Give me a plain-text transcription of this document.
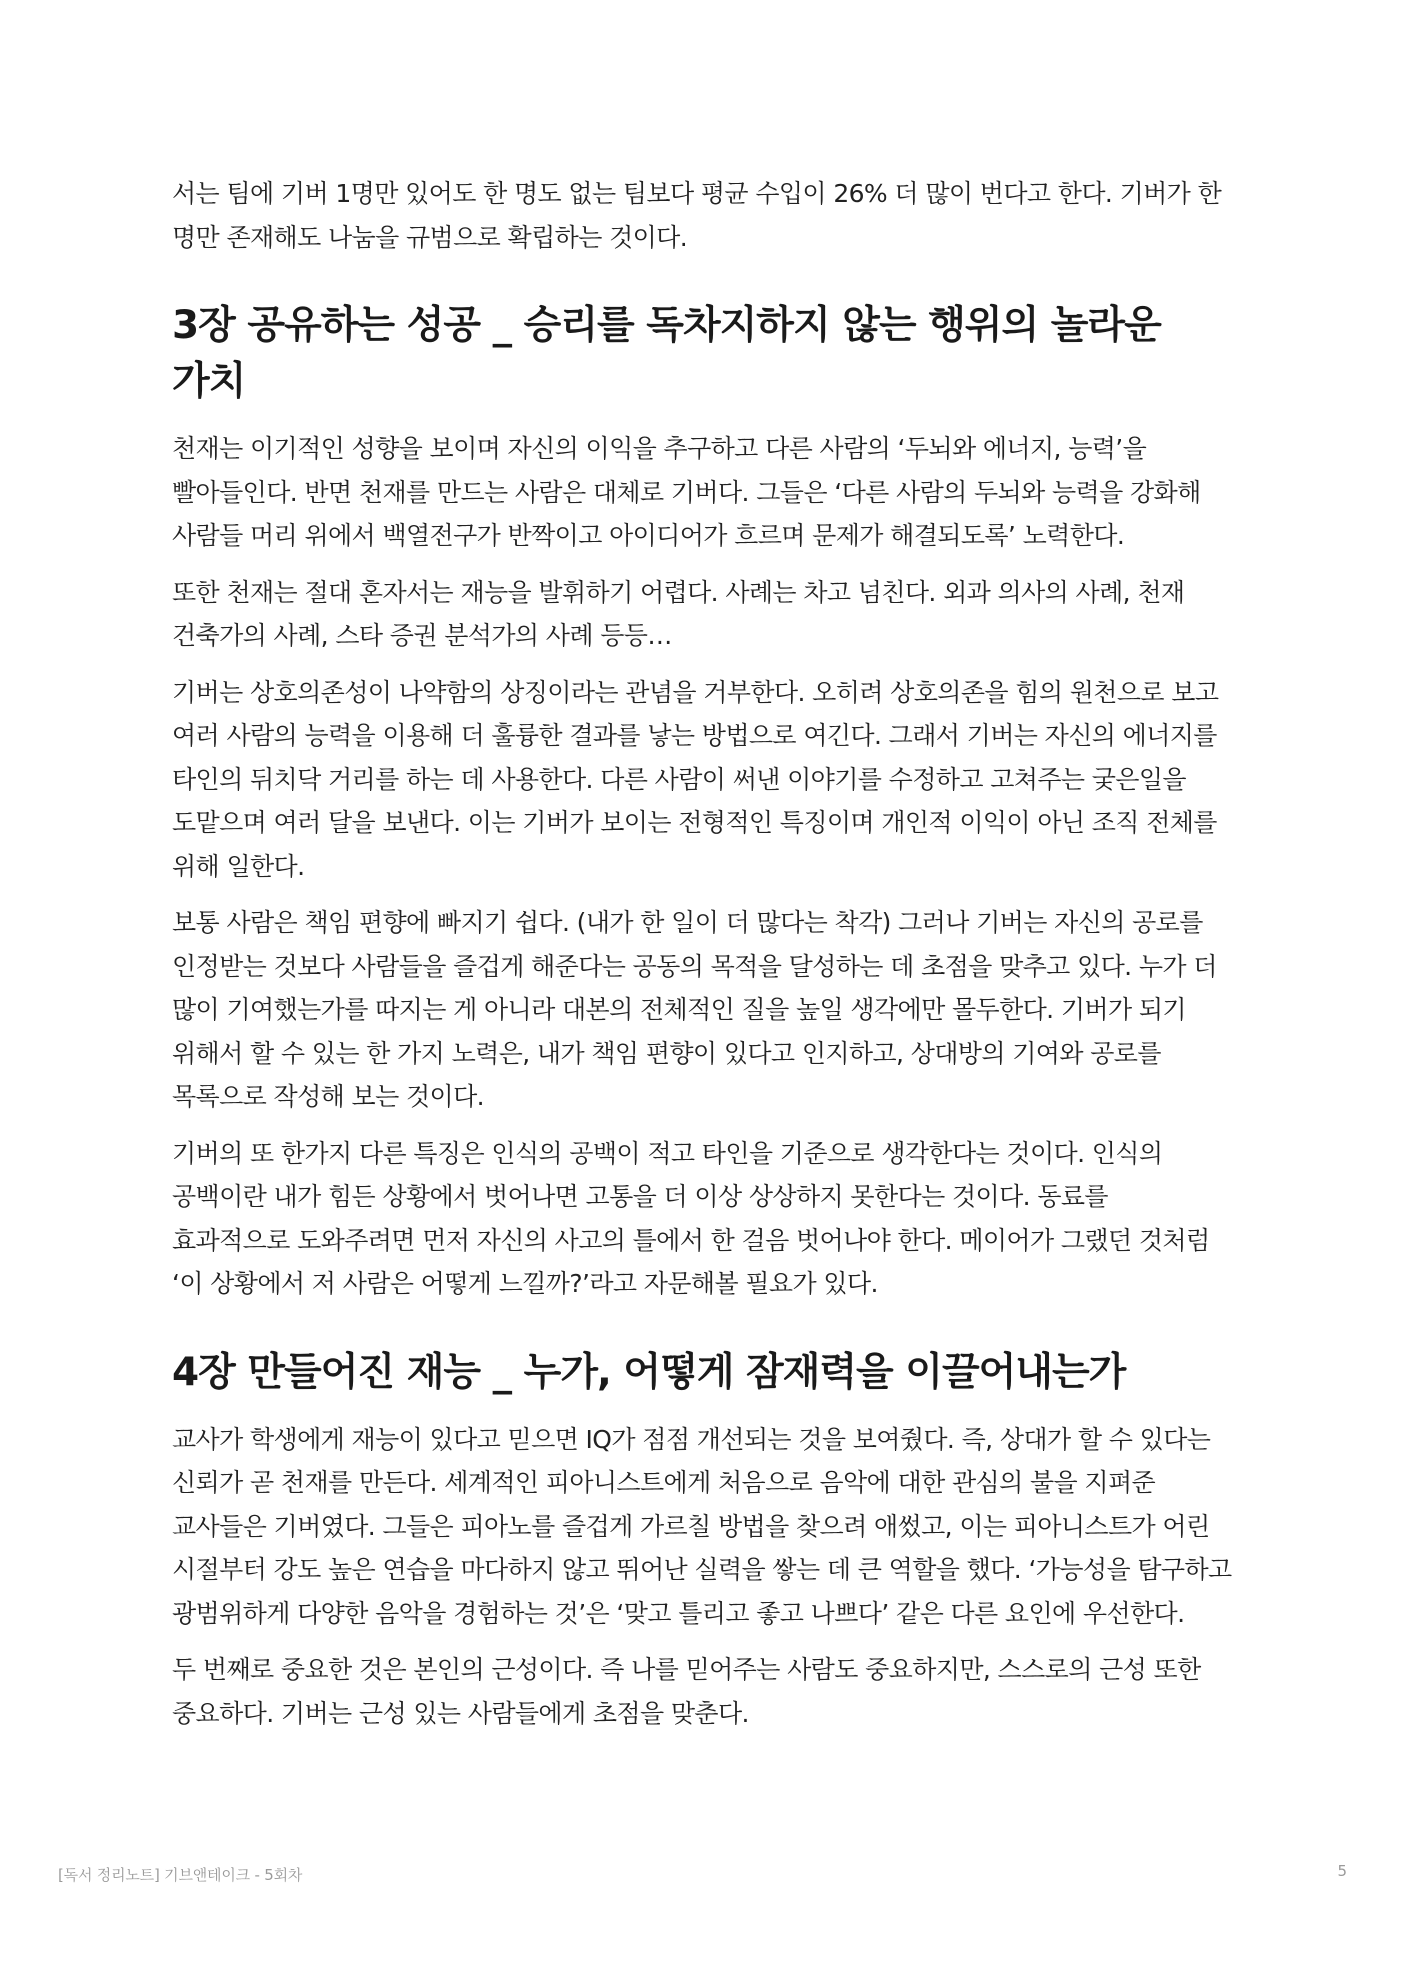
서는 팀에 기버 1명만 있어도 한 명도 없는 팀보다 평균 수입이 26% 더 많이 번다고 한다. 기버가 한 명만 존재해도 나눔을 규범으로 확립하는 것이다.

3장 공유하는 성공 _ 승리를 독차지하지 않는 행위의 놀라운 가치

천재는 이기적인 성향을 보이며 자신의 이익을 추구하고 다른 사람의 ‘두뇌와 에너지, 능력’을 빨아들인다. 반면 천재를 만드는 사람은 대체로 기버다. 그들은 ‘다른 사람의 두뇌와 능력을 강화해 사람들 머리 위에서 백열전구가 반짝이고 아이디어가 흐르며 문제가 해결되도록’ 노력한다.

또한 천재는 절대 혼자서는 재능을 발휘하기 어렵다. 사례는 차고 넘친다. 외과 의사의 사례, 천재 건축가의 사례, 스타 증권 분석가의 사례 등등…

기버는 상호의존성이 나약함의 상징이라는 관념을 거부한다. 오히려 상호의존을 힘의 원천으로 보고 여러 사람의 능력을 이용해 더 훌륭한 결과를 낳는 방법으로 여긴다. 그래서 기버는 자신의 에너지를 타인의 뒤치닥 거리를 하는 데 사용한다. 다른 사람이 써낸 이야기를 수정하고 고쳐주는 궂은일을 도맡으며 여러 달을 보낸다. 이는 기버가 보이는 전형적인 특징이며 개인적 이익이 아닌 조직 전체를 위해 일한다.

보통 사람은 책임 편향에 빠지기 쉽다. (내가 한 일이 더 많다는 착각) 그러나 기버는 자신의 공로를 인정받는 것보다 사람들을 즐겁게 해준다는 공동의 목적을 달성하는 데 초점을 맞추고 있다. 누가 더 많이 기여했는가를 따지는 게 아니라 대본의 전체적인 질을 높일 생각에만 몰두한다. 기버가 되기 위해서 할 수 있는 한 가지 노력은, 내가 책임 편향이 있다고 인지하고, 상대방의 기여와 공로를 목록으로 작성해 보는 것이다.

기버의 또 한가지 다른 특징은 인식의 공백이 적고 타인을 기준으로 생각한다는 것이다. 인식의 공백이란 내가 힘든 상황에서 벗어나면 고통을 더 이상 상상하지 못한다는 것이다. 동료를 효과적으로 도와주려면 먼저 자신의 사고의 틀에서 한 걸음 벗어나야 한다. 메이어가 그랬던 것처럼 ‘이 상황에서 저 사람은 어떻게 느낄까?’라고 자문해볼 필요가 있다.

4장 만들어진 재능 _ 누가, 어떻게 잠재력을 이끌어내는가

교사가 학생에게 재능이 있다고 믿으면 IQ가 점점 개선되는 것을 보여줬다. 즉, 상대가 할 수 있다는 신뢰가 곧 천재를 만든다. 세계적인 피아니스트에게 처음으로 음악에 대한 관심의 불을 지펴준 교사들은 기버였다. 그들은 피아노를 즐겁게 가르칠 방법을 찾으려 애썼고, 이는 피아니스트가 어린 시절부터 강도 높은 연습을 마다하지 않고 뛰어난 실력을 쌓는 데 큰 역할을 했다. ‘가능성을 탐구하고 광범위하게 다양한 음악을 경험하는 것’은 ‘맞고 틀리고 좋고 나쁘다’ 같은 다른 요인에 우선한다.

두 번째로 중요한 것은 본인의 근성이다. 즉 나를 믿어주는 사람도 중요하지만, 스스로의 근성 또한 중요하다. 기버는 근성 있는 사람들에게 초점을 맞춘다.

[독서 정리노트] 기브앤테이크 - 5회차	5
